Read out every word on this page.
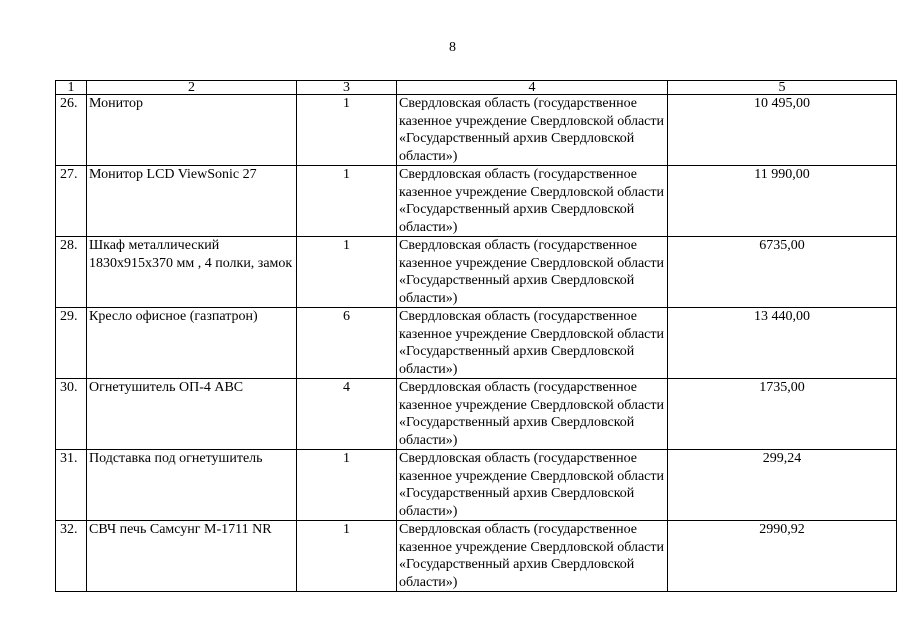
8
1	2	3	4	5
26.	Монитор	1	Свердловская область (государственное казенное учреждение Свердловской области «Государственный архив Свердловской области»)	10 495,00
27.	Монитор LCD ViewSonic 27	1	Свердловская область (государственное казенное учреждение Свердловской области «Государственный архив Свердловской области»)	11 990,00
28.	Шкаф металлический 1830х915х370 мм , 4 полки, замок	1	Свердловская область (государственное казенное учреждение Свердловской области «Государственный архив Свердловской области»)	6735,00
29.	Кресло офисное (газпатрон)	6	Свердловская область (государственное казенное учреждение Свердловской области «Государственный архив Свердловской области»)	13 440,00
30.	Огнетушитель ОП-4 АВС	4	Свердловская область (государственное казенное учреждение Свердловской области «Государственный архив Свердловской области»)	1735,00
31.	Подставка под огнетушитель	1	Свердловская область (государственное казенное учреждение Свердловской области «Государственный архив Свердловской области»)	299,24
32.	СВЧ печь Самсунг М-1711 NR	1	Свердловская область (государственное казенное учреждение Свердловской области «Государственный архив Свердловской области»)	2990,92
